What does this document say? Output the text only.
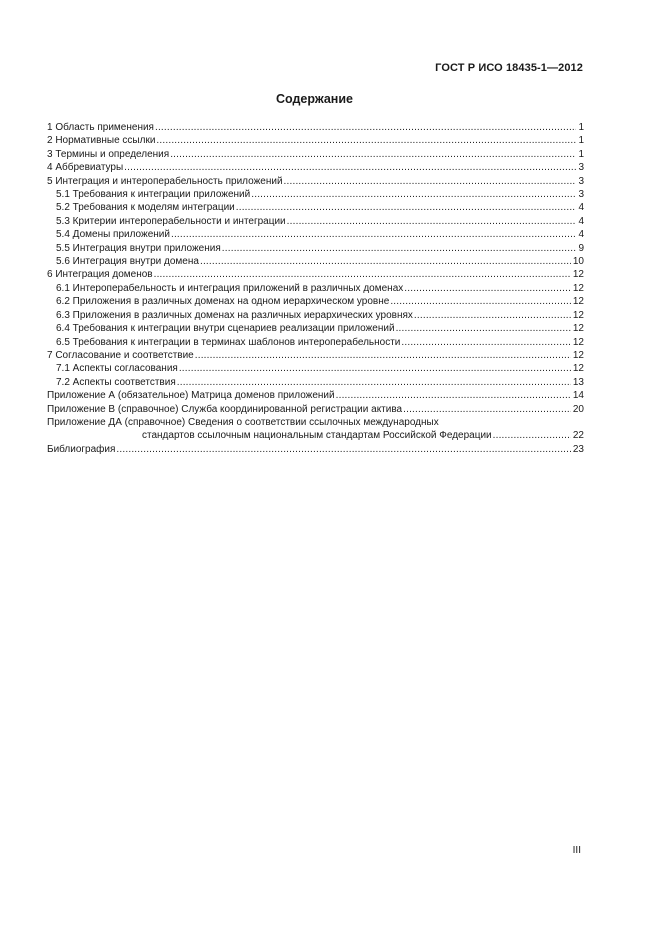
ГОСТ Р ИСО 18435-1—2012
Содержание
1 Область применения .....	1
2 Нормативные ссылки .....	1
3 Термины и определения .....	1
4 Аббревиатуры .....	3
5 Интеграция и интероперабельность приложений .....	3
5.1 Требования к интеграции приложений .....	3
5.2 Требования к моделям интеграции .....	4
5.3 Критерии интероперабельности и интеграции .....	4
5.4 Домены приложений .....	4
5.5 Интеграция внутри приложения .....	9
5.6 Интеграция внутри домена .....	10
6 Интеграция доменов .....	12
6.1 Интероперабельность и интеграция приложений в различных доменах .....	12
6.2 Приложения в различных доменах на одном иерархическом уровне .....	12
6.3 Приложения в различных доменах на различных иерархических уровнях .....	12
6.4 Требования к интеграции внутри сценариев реализации приложений .....	12
6.5 Требования к интеграции в терминах шаблонов интероперабельности .....	12
7 Согласование и соответствие .....	12
7.1 Аспекты согласования .....	12
7.2 Аспекты соответствия .....	13
Приложение А (обязательное) Матрица доменов приложений .....	14
Приложение В (справочное) Служба координированной регистрации актива .....	20
Приложение ДА (справочное) Сведения о соответствии ссылочных международных
стандартов ссылочным национальным стандартам Российской Федерации .....	22
Библиография .....	23
III
